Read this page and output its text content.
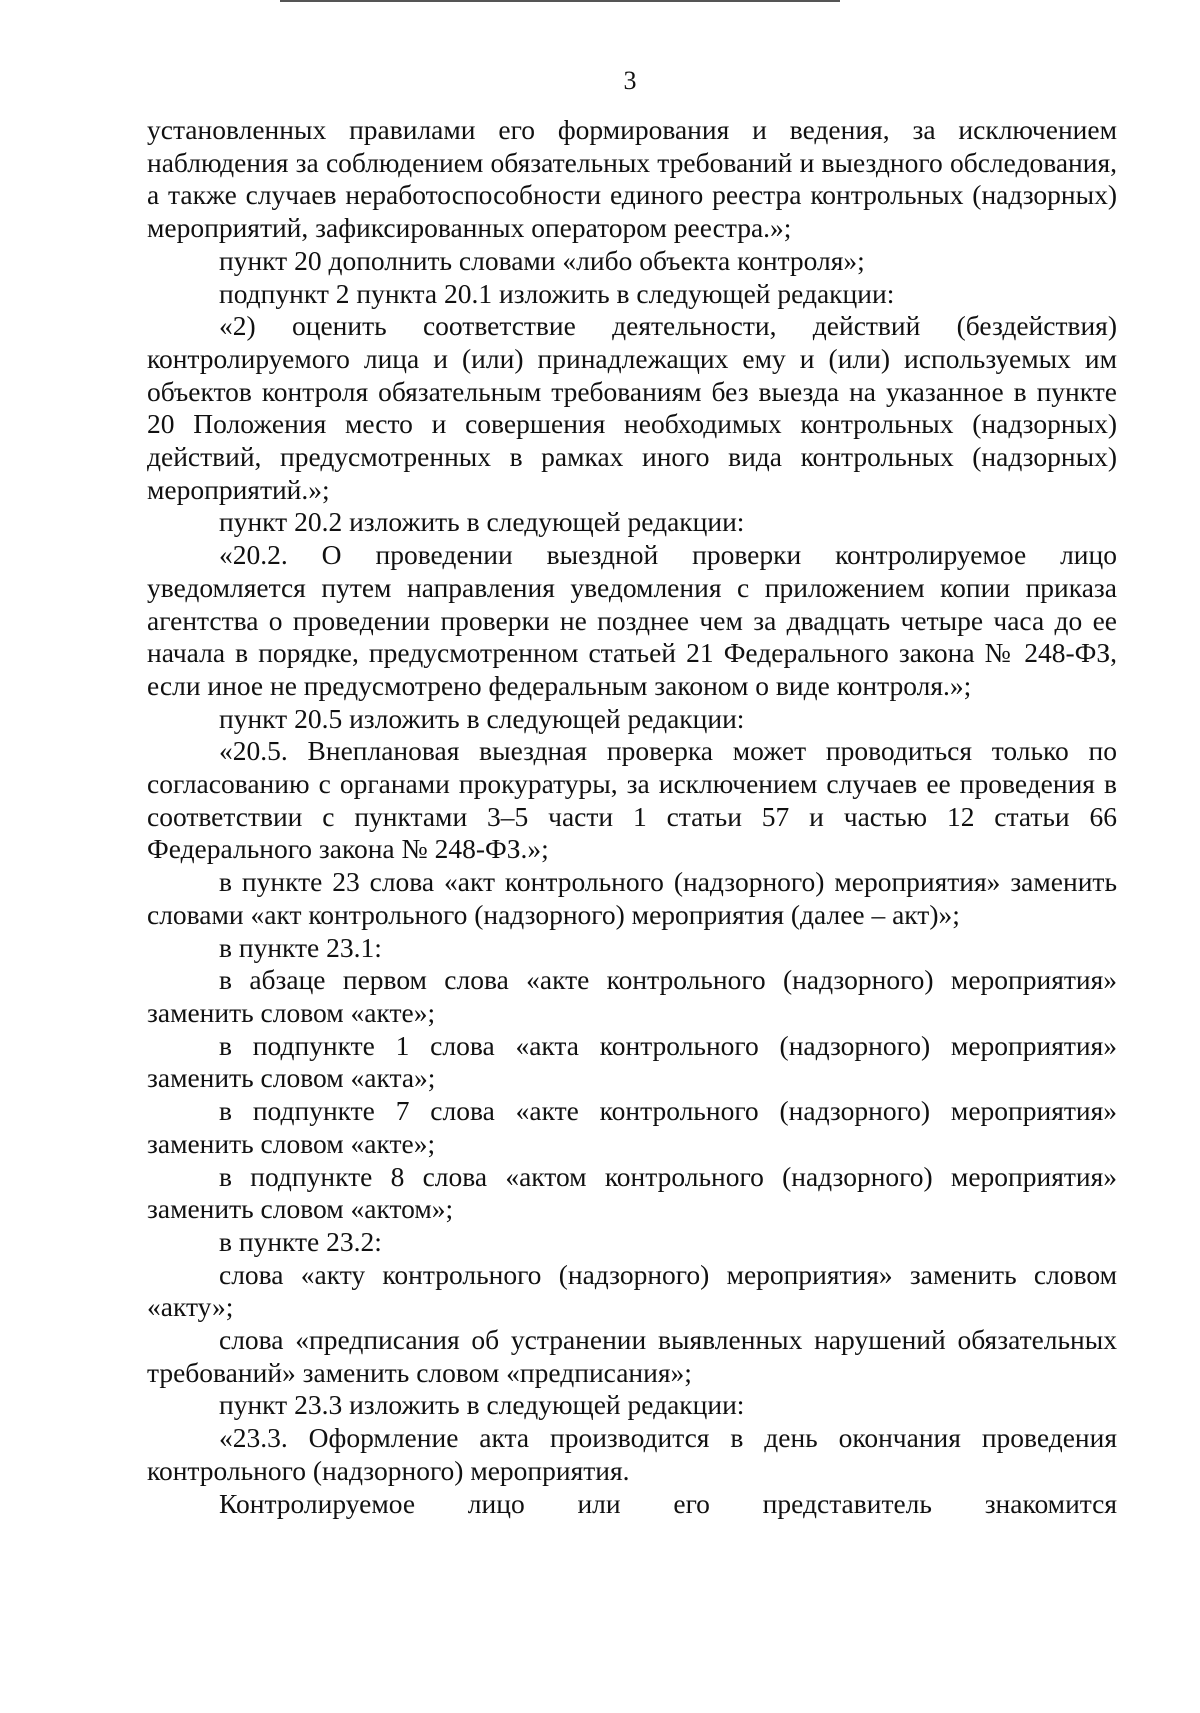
3

установленных правилами его формирования и ведения, за исключением наблюдения за соблюдением обязательных требований и выездного обследования, а также случаев неработоспособности единого реестра контрольных (надзорных) мероприятий, зафиксированных оператором реестра.»;

пункт 20 дополнить словами «либо объекта контроля»;

подпункт 2 пункта 20.1 изложить в следующей редакции:

«2) оценить соответствие деятельности, действий (бездействия) контролируемого лица и (или) принадлежащих ему и (или) используемых им объектов контроля обязательным требованиям без выезда на указанное в пункте 20 Положения место и совершения необходимых контрольных (надзорных) действий, предусмотренных в рамках иного вида контрольных (надзорных) мероприятий.»;

пункт 20.2 изложить в следующей редакции:

«20.2. О проведении выездной проверки контролируемое лицо уведомляется путем направления уведомления с приложением копии приказа агентства о проведении проверки не позднее чем за двадцать четыре часа до ее начала в порядке, предусмотренном статьей 21 Федерального закона № 248-ФЗ, если иное не предусмотрено федеральным законом о виде контроля.»;

пункт 20.5 изложить в следующей редакции:

«20.5. Внеплановая выездная проверка может проводиться только по согласованию с органами прокуратуры, за исключением случаев ее проведения в соответствии с пунктами 3–5 части 1 статьи 57 и частью 12 статьи 66 Федерального закона № 248-ФЗ.»;

в пункте 23 слова «акт контрольного (надзорного) мероприятия» заменить словами «акт контрольного (надзорного) мероприятия (далее – акт)»;

в пункте 23.1:

в абзаце первом слова «акте контрольного (надзорного) мероприятия» заменить словом «акте»;

в подпункте 1 слова «акта контрольного (надзорного) мероприятия» заменить словом «акта»;

в подпункте 7 слова «акте контрольного (надзорного) мероприятия» заменить словом «акте»;

в подпункте 8 слова «актом контрольного (надзорного) мероприятия» заменить словом «актом»;

в пункте 23.2:

слова «акту контрольного (надзорного) мероприятия» заменить словом «акту»;

слова «предписания об устранении выявленных нарушений обязательных требований» заменить словом «предписания»;

пункт 23.3 изложить в следующей редакции:

«23.3. Оформление акта производится в день окончания проведения контрольного (надзорного) мероприятия.

Контролируемое лицо или его представитель знакомится
